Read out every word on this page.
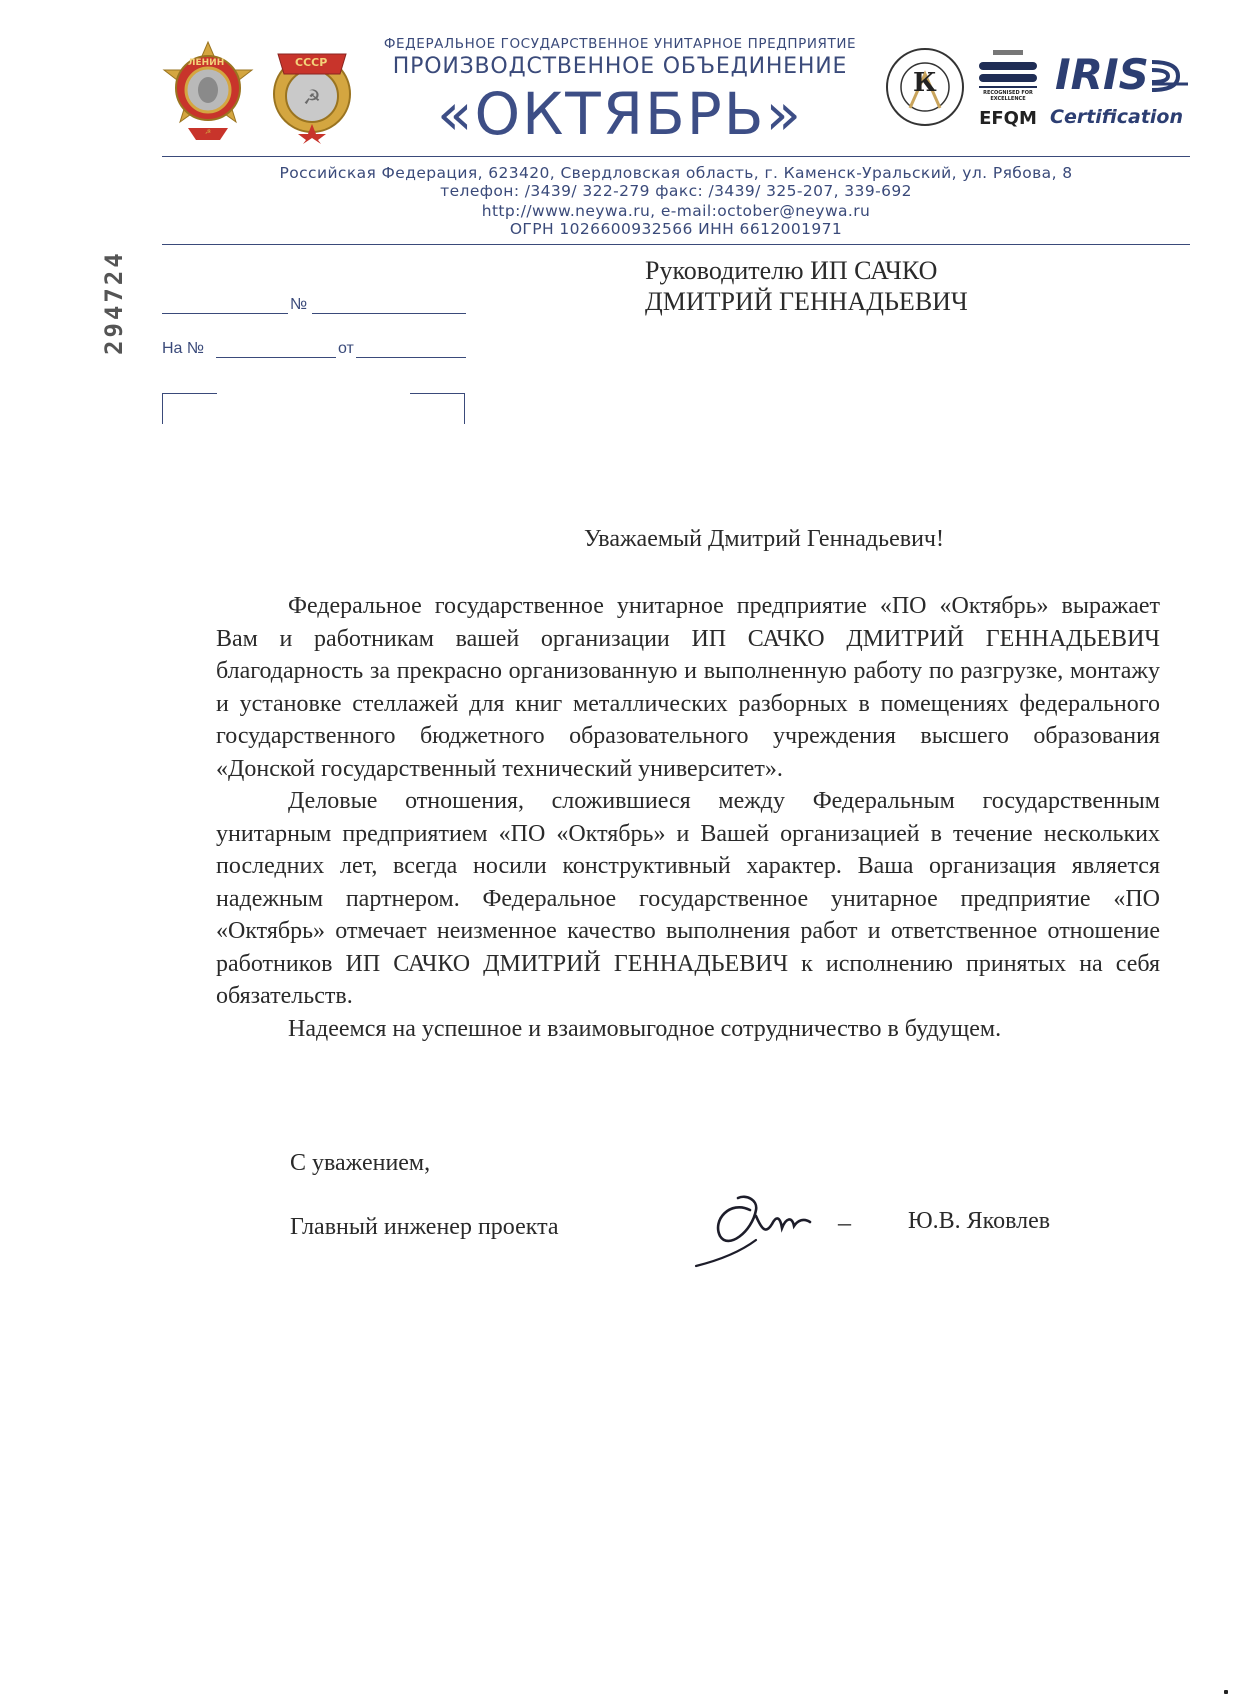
☭
ЛЕНИН
☭
СССР
ФЕДЕРАЛЬНОЕ ГОСУДАРСТВЕННОЕ УНИТАРНОЕ ПРЕДПРИЯТИЕ
ПРОИЗВОДСТВЕННОЕ ОБЪЕДИНЕНИЕ
«ОКТЯБРЬ»	К	RECOGNISED FOR EXCELLENCE
EFQM
IRIS
Certification
Российская Федерация, 623420, Свердловская область, г. Каменск-Уральский, ул. Рябова, 8
телефон: /3439/ 322-279 факс: /3439/ 325-207, 339-692
http://www.neywa.ru, e-mail:october@neywa.ru
ОГРН 1026600932566 ИНН 6612001971
294724	№
На №	от
Руководителю ИП САЧКО
ДМИТРИЙ ГЕННАДЬЕВИЧ
Уважаемый Дмитрий Геннадьевич!

Федеральное государственное унитарное предприятие «ПО «Октябрь» выражает Вам и работникам вашей организации ИП САЧКО ДМИТРИЙ ГЕННАДЬЕВИЧ благодарность за прекрасно организованную и выполненную работу по разгрузке, монтажу и установке стеллажей для книг металлических разборных в помещениях федерального государственного бюджетного образовательного учреждения высшего образования «Донской государственный технический университет».

Деловые отношения, сложившиеся между Федеральным государственным унитарным предприятием «ПО «Октябрь» и Вашей организацией в течение нескольких последних лет, всегда носили конструктивный характер. Ваша организация является надежным партнером. Федеральное государственное унитарное предприятие «ПО «Октябрь» отмечает неизменное качество выполнения работ и ответственное отношение работников ИП САЧКО ДМИТРИЙ ГЕННАДЬЕВИЧ к исполнению принятых на себя обязательств.

Надеемся на успешное и взаимовыгодное сотрудничество в будущем.

С уважением,
Главный инженер проекта	– Ю.В. Яковлев
